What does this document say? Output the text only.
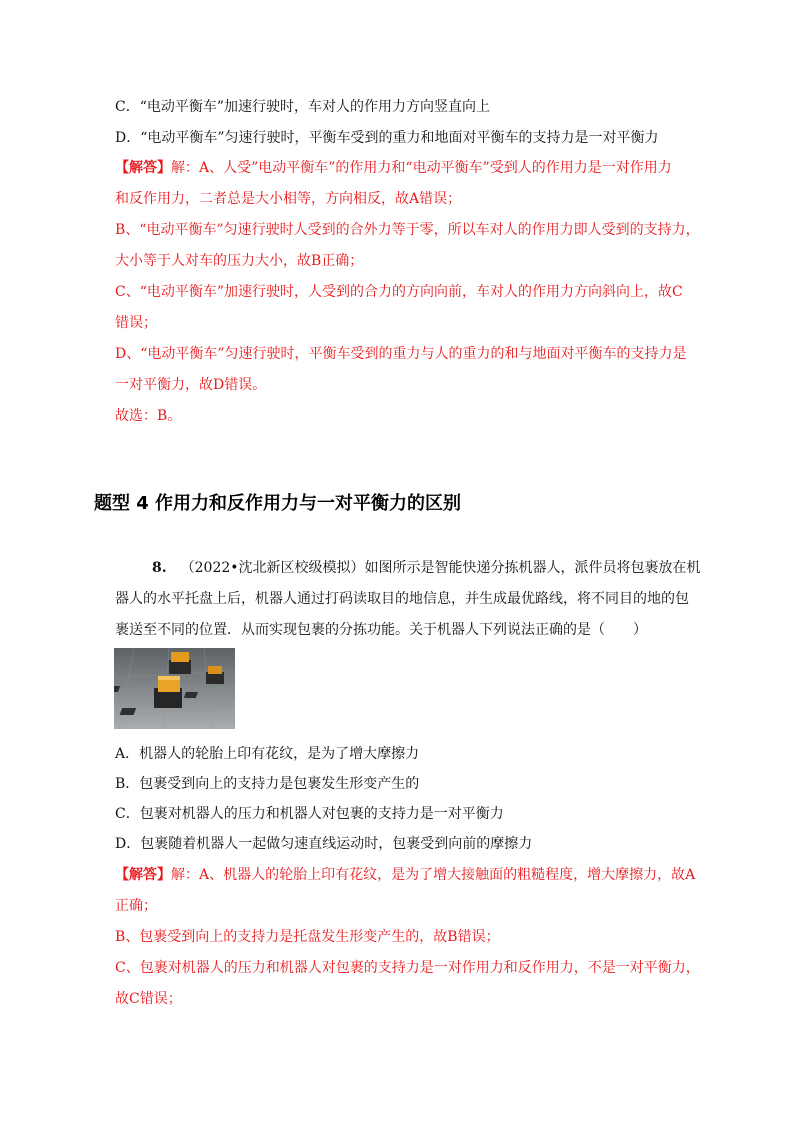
C．“电动平衡车”加速行驶时，车对人的作用力方向竖直向上
D．“电动平衡车”匀速行驶时，平衡车受到的重力和地面对平衡车的支持力是一对平衡力
【解答】解：A、人受”电动平衡车”的作用力和“电动平衡车”受到人的作用力是一对作用力
和反作用力，二者总是大小相等，方向相反，故A错误；
B、“电动平衡车”匀速行驶时人受到的合外力等于零，所以车对人的作用力即人受到的支持力，
大小等于人对车的压力大小，故B正确；
C、“电动平衡车”加速行驶时，人受到的合力的方向向前，车对人的作用力方向斜向上，故C
错误；
D、“电动平衡车”匀速行驶时，平衡车受到的重力与人的重力的和与地面对平衡车的支持力是
一对平衡力，故D错误。
故选：B。
题型 4 作用力和反作用力与一对平衡力的区别
8. （2022•沈北新区校级模拟）如图所示是智能快递分拣机器人，派件员将包裹放在机
器人的水平托盘上后，机器人通过打码读取目的地信息，并生成最优路线，将不同目的地的包
裹送至不同的位置．从而实现包裹的分拣功能。关于机器人下列说法正确的是（　　）
A．机器人的轮胎上印有花纹，是为了增大摩擦力
B．包裹受到向上的支持力是包裹发生形变产生的
C．包裹对机器人的压力和机器人对包裹的支持力是一对平衡力
D．包裹随着机器人一起做匀速直线运动时，包裹受到向前的摩擦力
【解答】解：A、机器人的轮胎上印有花纹，是为了增大接触面的粗糙程度，增大摩擦力，故A
正确；
B、包裹受到向上的支持力是托盘发生形变产生的，故B错误；
C、包裹对机器人的压力和机器人对包裹的支持力是一对作用力和反作用力，不是一对平衡力，
故C错误；
